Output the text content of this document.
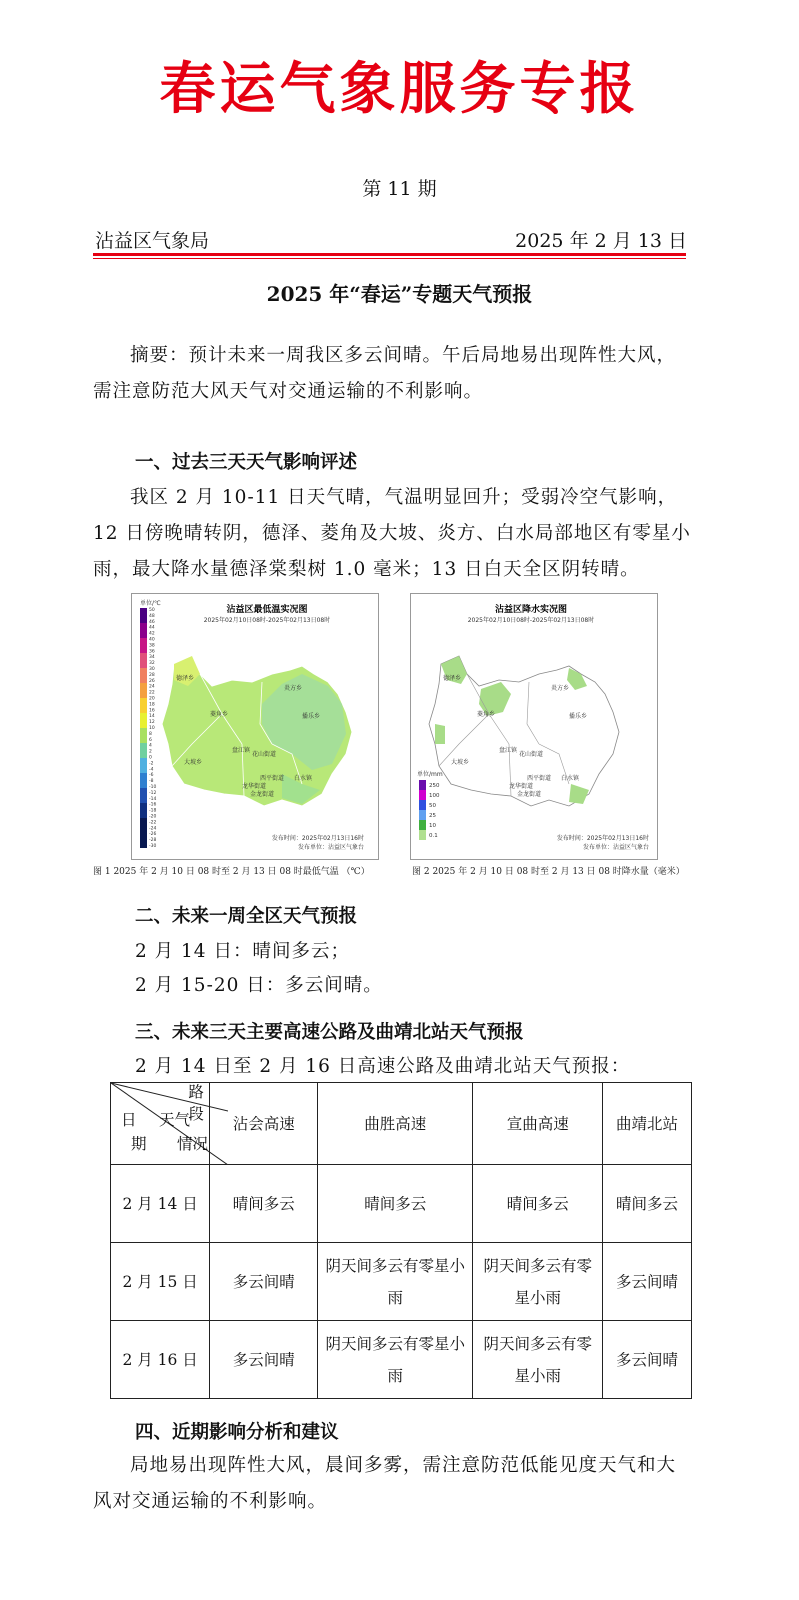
春运气象服务专报
第 11 期
沾益区气象局	2025 年 2 月 13 日
2025 年“春运”专题天气预报
摘要：预计未来一周我区多云间晴。午后局地易出现阵性大风，需注意防范大风天气对交通运输的不利影响。
一、过去三天天气影响评述
我区 2 月 10-11 日天气晴，气温明显回升；受弱冷空气影响，12 日傍晚晴转阴，德泽、菱角及大坡、炎方、白水局部地区有零星小雨，最大降水量德泽棠梨树 1.0 毫米；13 日白天全区阴转晴。
单位/℃
50
48
46
44
42
40
38
36
34
32
30
28
26
24
22
20
18
16
14
12
10
8
6
4
2
0
-2
-4
-6
-8
-10
-12
-14
-16
-18
-20
-22
-24
-26
-28
-30
沾益区最低温实况图
2025年02月10日08时-2025年02月13日08时
德泽乡
菱角乡
炎方乡
播乐乡
大坡乡
盘江镇
花山街道
西平街道 白水镇
龙华街道
金龙街道
发布时间：2025年02月13日16时
发布单位：沾益区气象台
图 1 2025 年 2 月 10 日 08 时至 2 月 13 日 08 时最低气温 （℃）
沾益区降水实况图
2025年02月10日08时-2025年02月13日08时
单位/mm
250
100
50
25
10
0.1
德泽乡
菱角乡
炎方乡
播乐乡
大坡乡
盘江镇
花山街道
西平街道 白水镇
龙华街道
金龙街道
发布时间：2025年02月13日16时
发布单位：沾益区气象台
图 2 2025 年 2 月 10 日 08 时至 2 月 13 日 08 时降水量（毫米）
二、未来一周全区天气预报
2 月 14 日：晴间多云；
2 月 15-20 日：多云间晴。
三、未来三天主要高速公路及曲靖北站天气预报
2 月 14 日至 2 月 16 日高速公路及曲靖北站天气预报：
路段
天气
情况
日
期	沾会高速	曲胜高速	宣曲高速	曲靖北站
2 月 14 日	晴间多云	晴间多云	晴间多云	晴间多云
2 月 15 日	多云间晴	阴天间多云有零星小雨	阴天间多云有零星小雨	多云间晴
2 月 16 日	多云间晴	阴天间多云有零星小雨	阴天间多云有零星小雨	多云间晴
四、近期影响分析和建议
局地易出现阵性大风，晨间多雾，需注意防范低能见度天气和大风对交通运输的不利影响。
